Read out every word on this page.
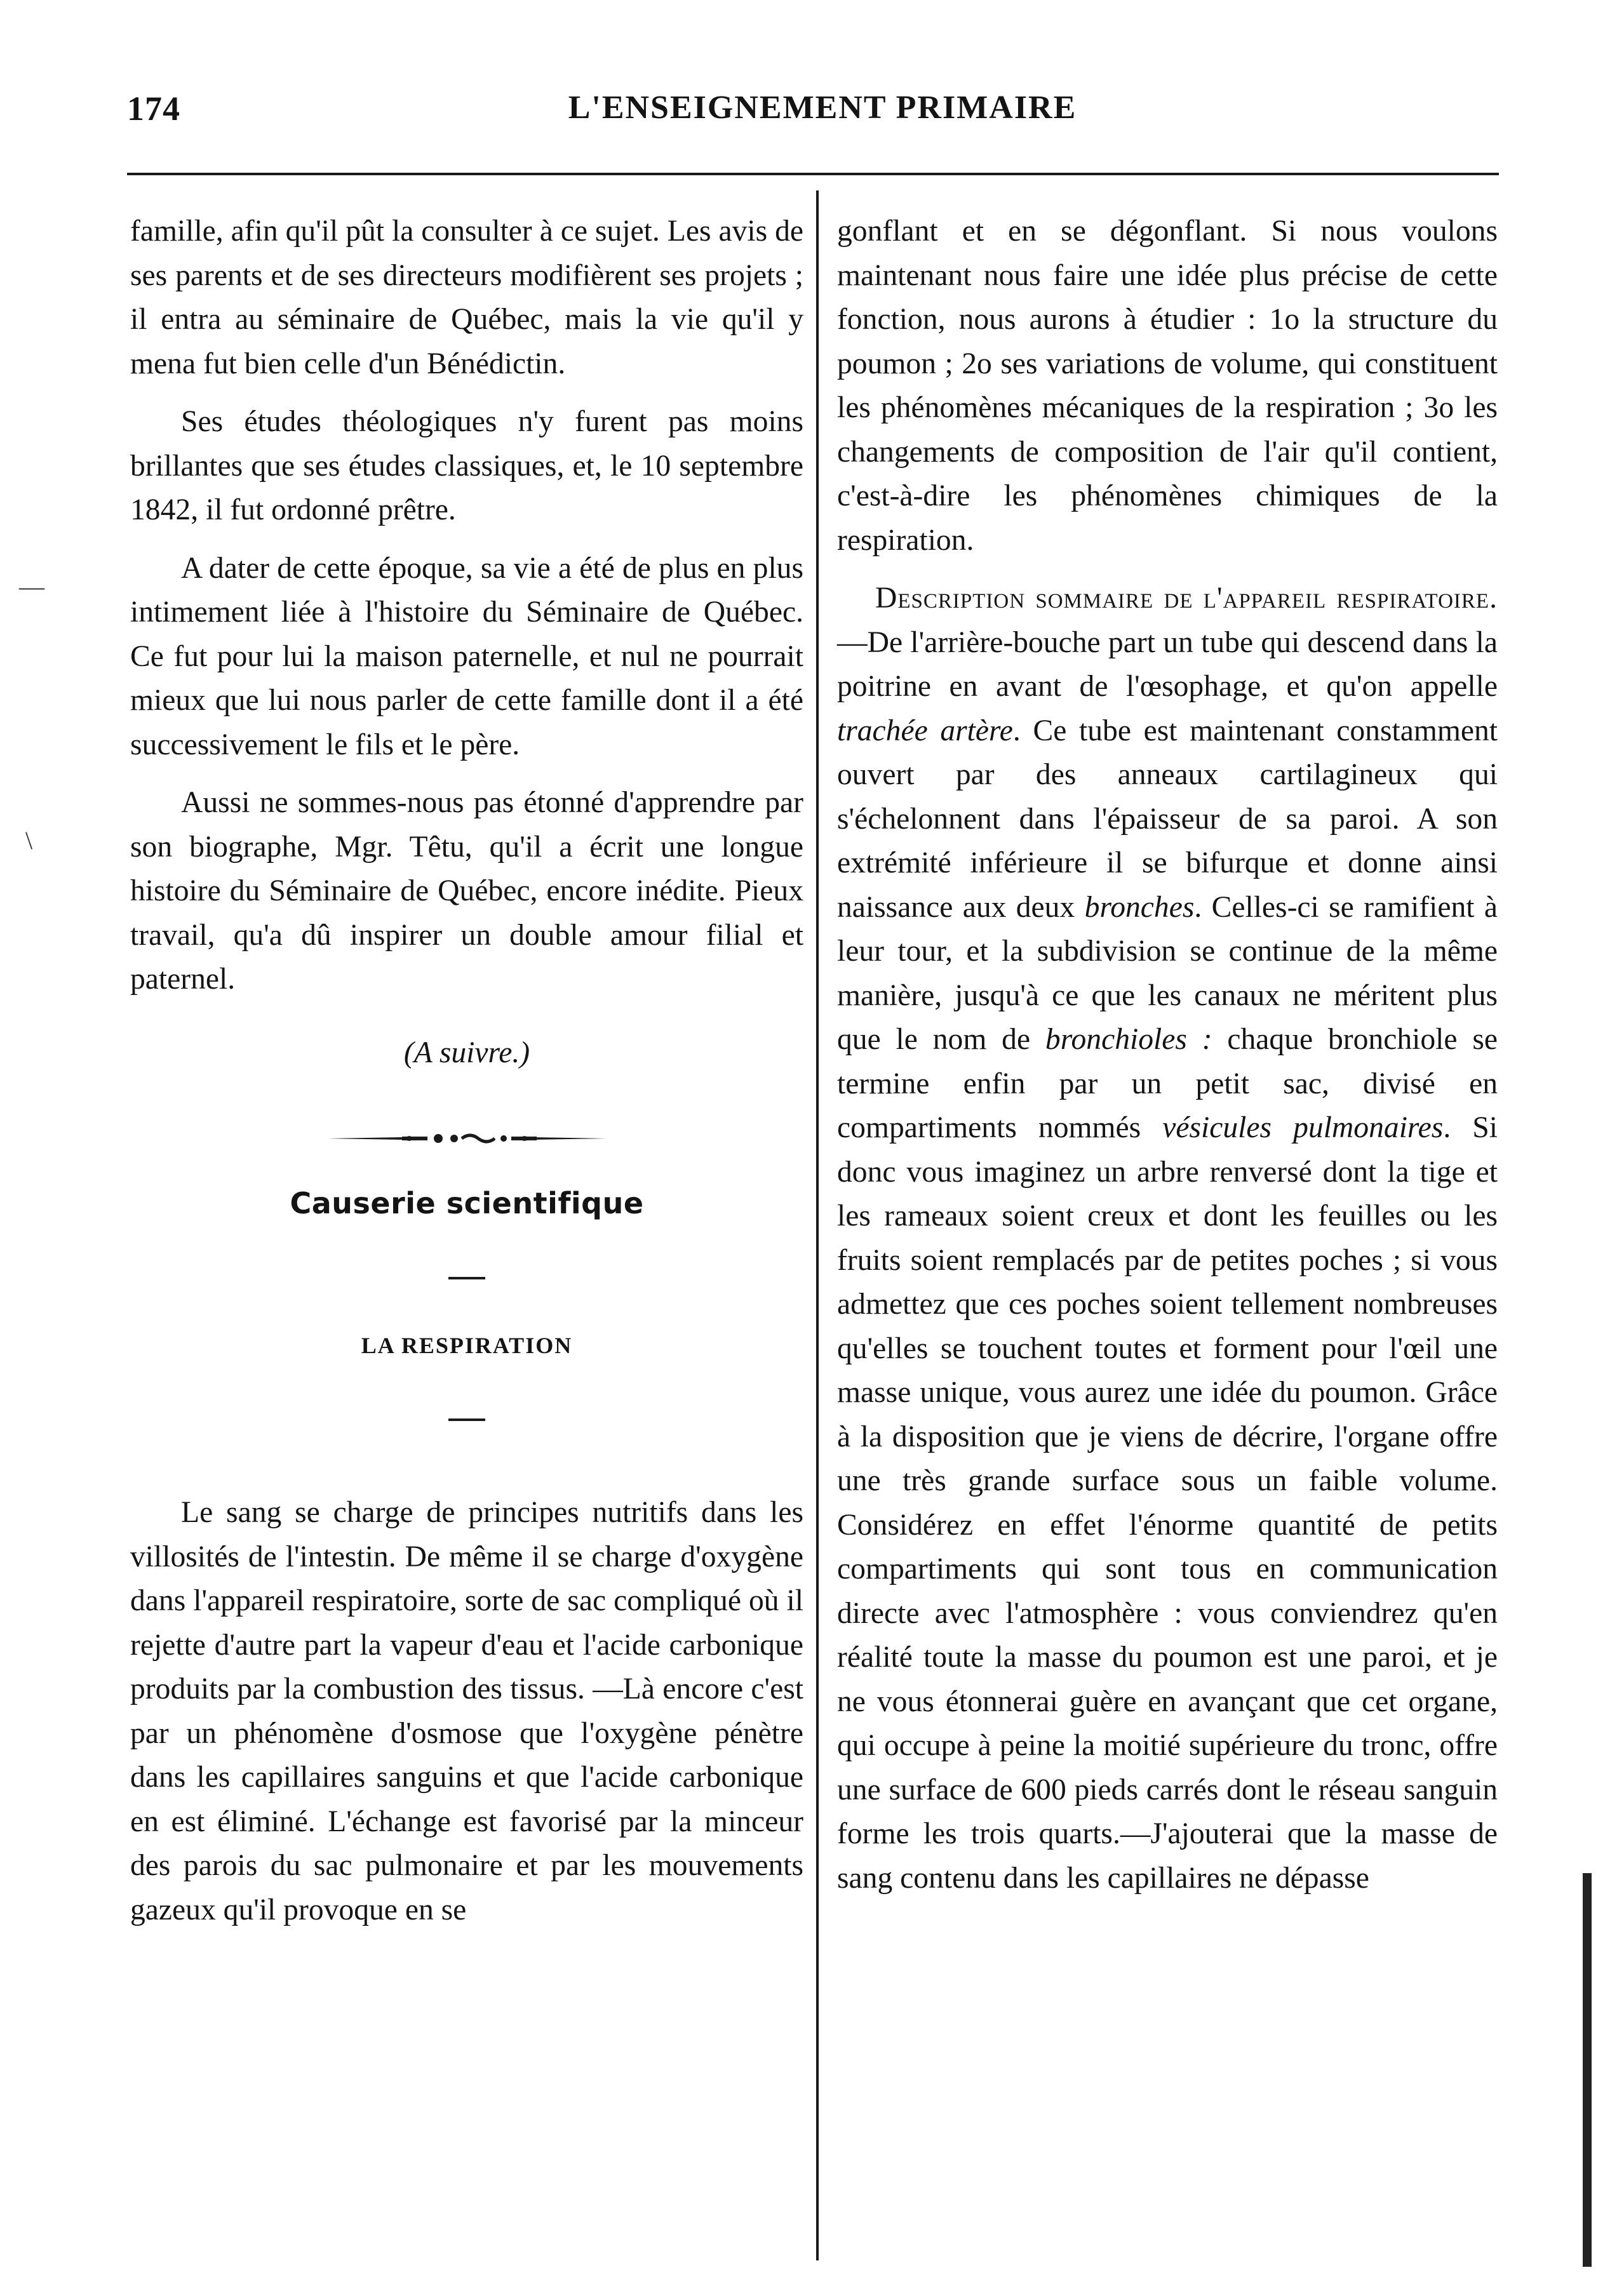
174	L'ENSEIGNEMENT PRIMAIRE
—
\

famille, afin qu'il pût la consulter à ce sujet. Les avis de ses parents et de ses directeurs modifièrent ses projets ; il entra au séminaire de Québec, mais la vie qu'il y mena fut bien celle d'un Bénédictin.

Ses études théologiques n'y furent pas moins brillantes que ses études classiques, et, le 10 septembre 1842, il fut ordonné prêtre.

A dater de cette époque, sa vie a été de plus en plus intimement liée à l'histoire du Séminaire de Québec. Ce fut pour lui la maison paternelle, et nul ne pourrait mieux que lui nous parler de cette famille dont il a été successivement le fils et le père.

Aussi ne sommes-nous pas étonné d'apprendre par son biographe, Mgr. Têtu, qu'il a écrit une longue histoire du Séminaire de Québec, encore inédite. Pieux travail, qu'a dû inspirer un double amour filial et paternel.

(A suivre.)

Causerie scientifique

LA RESPIRATION

Le sang se charge de principes nutritifs dans les villosités de l'intestin. De même il se charge d'oxygène dans l'appareil respiratoire, sorte de sac compliqué où il rejette d'autre part la vapeur d'eau et l'acide carbonique produits par la combustion des tissus. —Là encore c'est par un phénomène d'osmose que l'oxygène pénètre dans les capillaires sanguins et que l'acide carbonique en est éliminé. L'échange est favorisé par la minceur des parois du sac pulmonaire et par les mouvements gazeux qu'il provoque en se

gonflant et en se dégonflant. Si nous voulons maintenant nous faire une idée plus précise de cette fonction, nous aurons à étudier : 1o la structure du poumon ; 2o ses variations de volume, qui constituent les phénomènes mécaniques de la respiration ; 3o les changements de composition de l'air qu'il contient, c'est-à-dire les phénomènes chimiques de la respiration.

Description sommaire de l'appareil respiratoire.—De l'arrière-bouche part un tube qui descend dans la poitrine en avant de l'œsophage, et qu'on appelle trachée artère. Ce tube est maintenant constamment ouvert par des anneaux cartilagineux qui s'échelonnent dans l'épaisseur de sa paroi. A son extrémité inférieure il se bifurque et donne ainsi naissance aux deux bronches. Celles-ci se ramifient à leur tour, et la subdivision se continue de la même manière, jusqu'à ce que les canaux ne méritent plus que le nom de bronchioles : chaque bronchiole se termine enfin par un petit sac, divisé en compartiments nommés vésicules pulmonaires. Si donc vous imaginez un arbre renversé dont la tige et les rameaux soient creux et dont les feuilles ou les fruits soient remplacés par de petites poches ; si vous admettez que ces poches soient tellement nombreuses qu'elles se touchent toutes et forment pour l'œil une masse unique, vous aurez une idée du poumon. Grâce à la disposition que je viens de décrire, l'organe offre une très grande surface sous un faible volume. Considérez en effet l'énorme quantité de petits compartiments qui sont tous en communication directe avec l'atmosphère : vous conviendrez qu'en réalité toute la masse du poumon est une paroi, et je ne vous étonnerai guère en avançant que cet organe, qui occupe à peine la moitié supérieure du tronc, offre une surface de 600 pieds carrés dont le réseau sanguin forme les trois quarts.—J'ajouterai que la masse de sang contenu dans les capillaires ne dépasse
